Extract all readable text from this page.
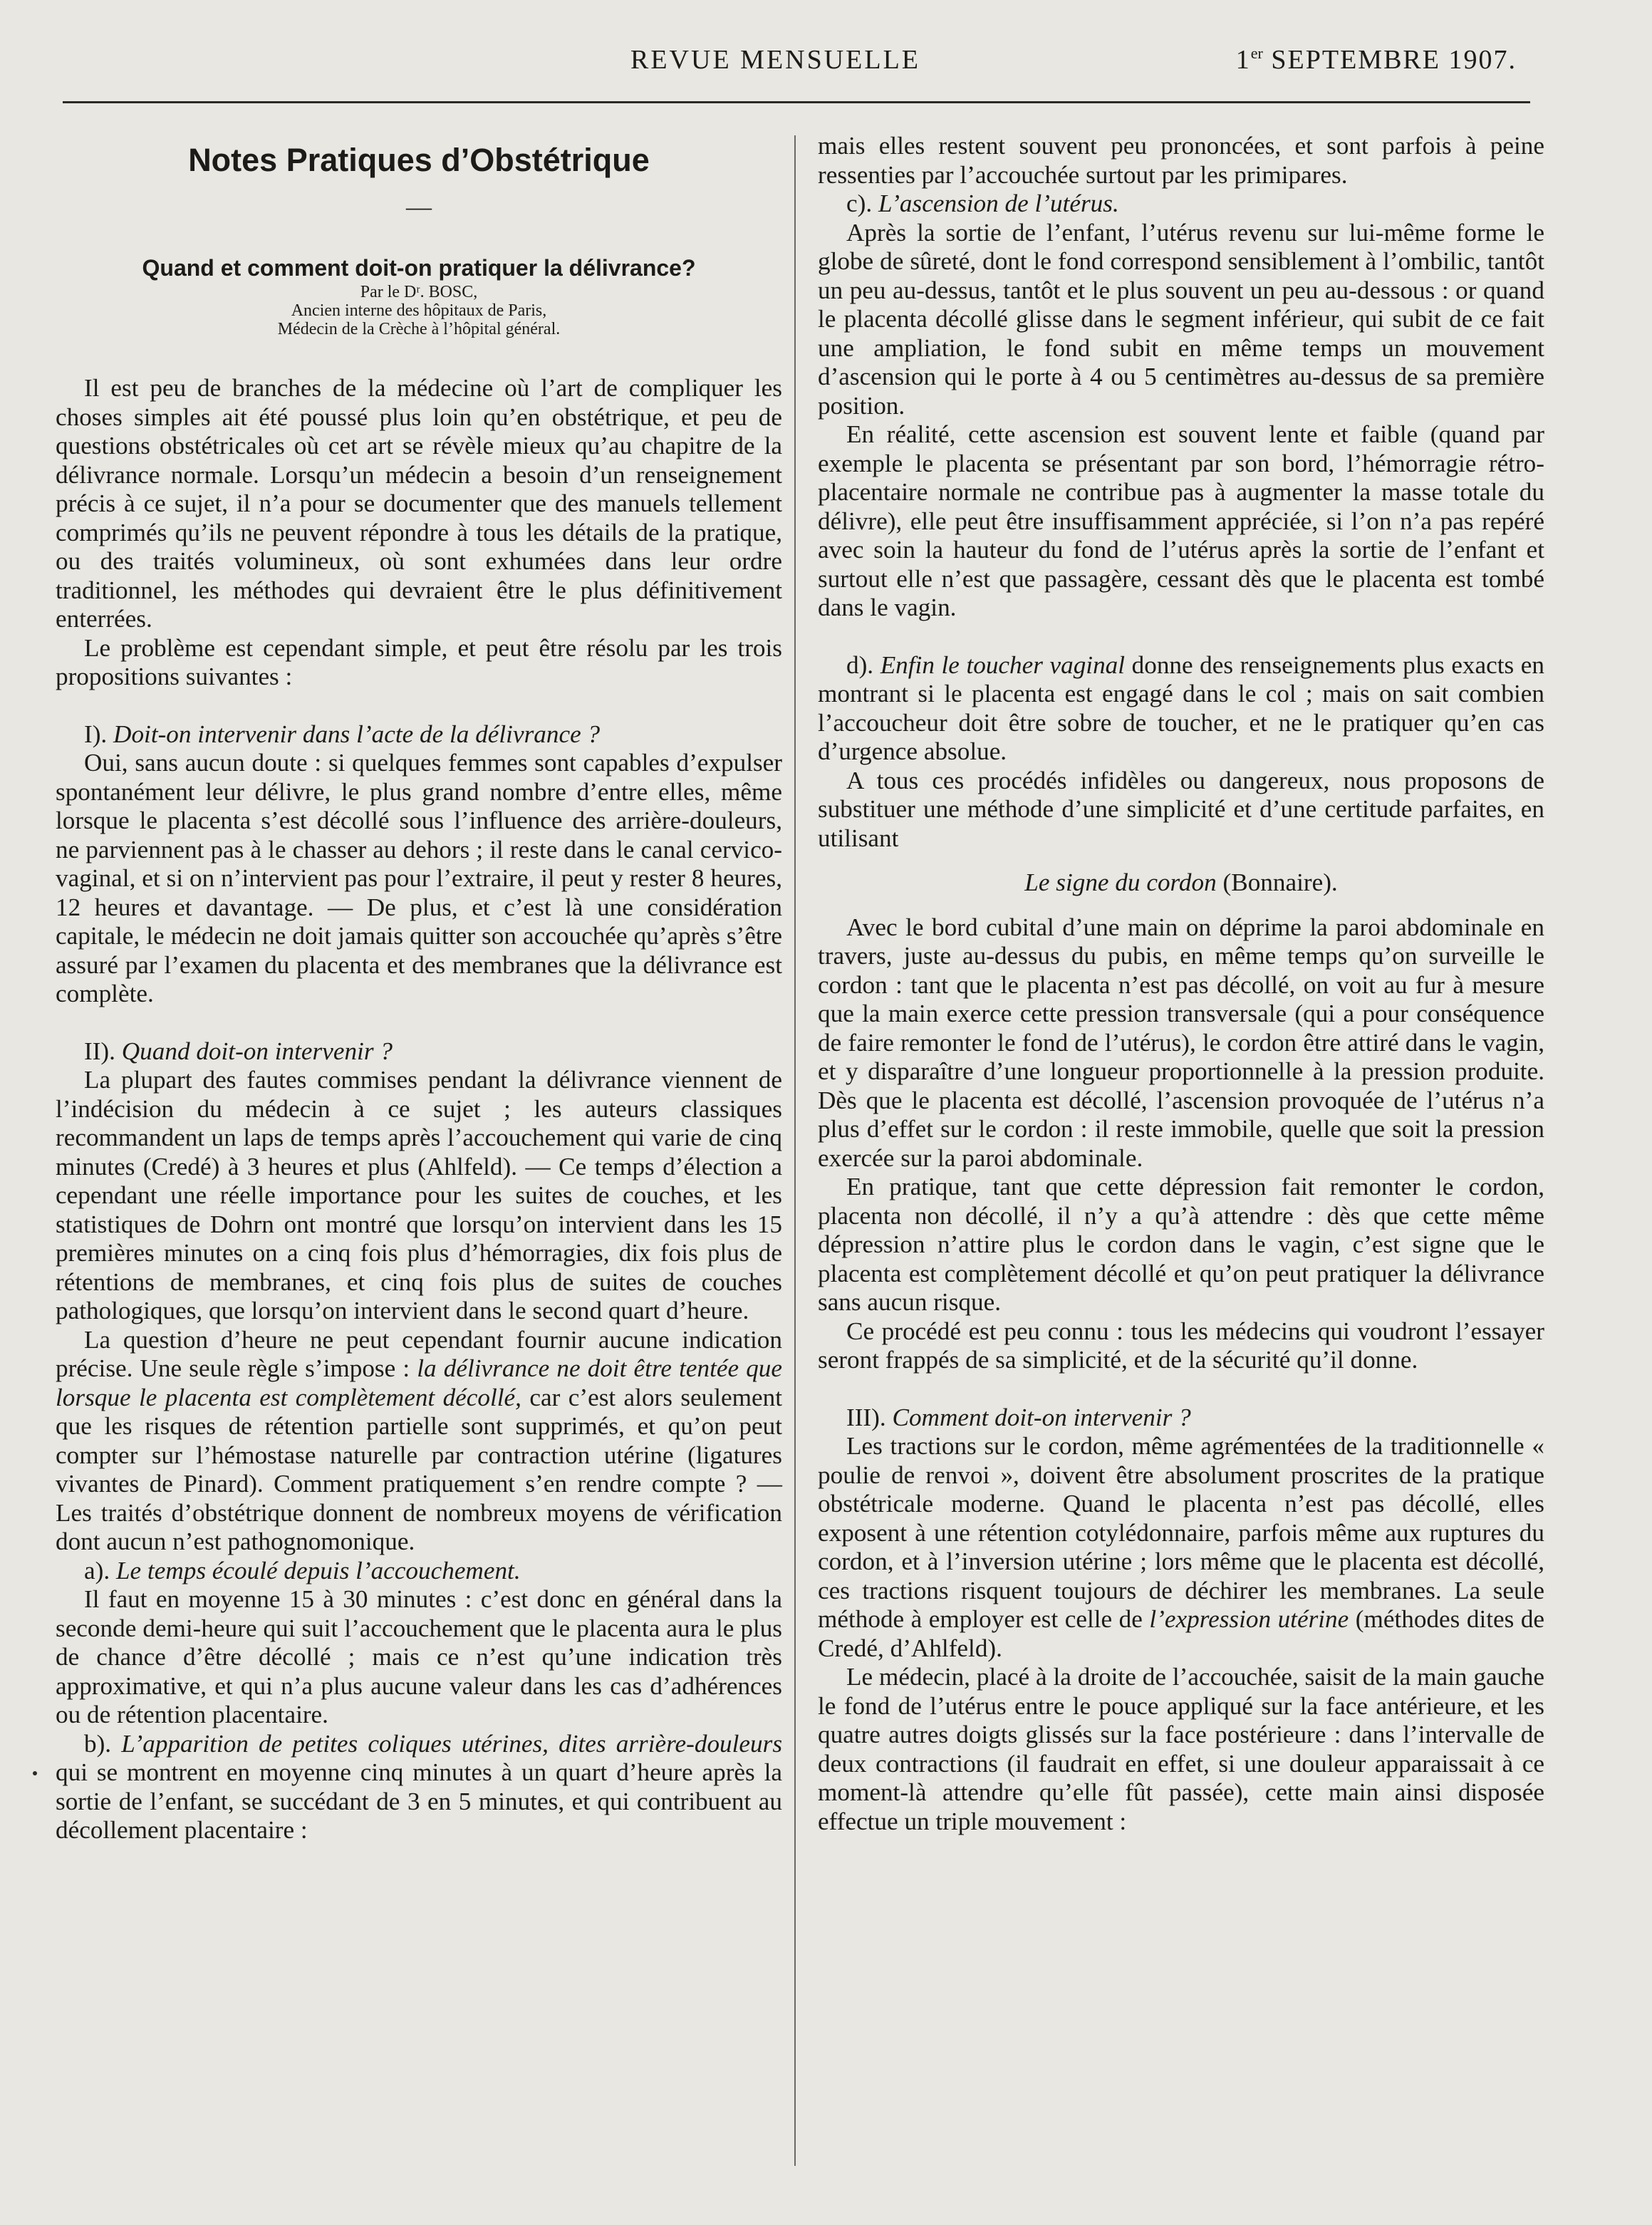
REVUE MENSUELLE	1er SEPTEMBRE 1907.
Notes Pratiques d’Obstétrique
—
Quand et comment doit-on pratiquer la délivrance?
Par le Dʳ. BOSC,
Ancien interne des hôpitaux de Paris,
Médecin de la Crèche à l’hôpital général.

Il est peu de branches de la médecine où l’art de compliquer les choses simples ait été poussé plus loin qu’en obstétrique, et peu de questions obstétricales où cet art se révèle mieux qu’au chapitre de la délivrance normale. Lorsqu’un médecin a besoin d’un renseignement précis à ce sujet, il n’a pour se documenter que des manuels tellement comprimés qu’ils ne peuvent répondre à tous les détails de la pratique, ou des traités volumineux, où sont exhumées dans leur ordre traditionnel, les méthodes qui devraient être le plus définitivement enterrées.

Le problème est cependant simple, et peut être résolu par les trois propositions suivantes :

I). Doit-on intervenir dans l’acte de la délivrance ?

Oui, sans aucun doute : si quelques femmes sont capables d’expulser spontanément leur délivre, le plus grand nombre d’entre elles, même lorsque le placenta s’est décollé sous l’influence des arrière-douleurs, ne parviennent pas à le chasser au dehors ; il reste dans le canal cervico-vaginal, et si on n’intervient pas pour l’extraire, il peut y rester 8 heures, 12 heures et davantage. — De plus, et c’est là une considération capitale, le médecin ne doit jamais quitter son accouchée qu’après s’être assuré par l’examen du placenta et des membranes que la délivrance est complète.

II). Quand doit-on intervenir ?

La plupart des fautes commises pendant la délivrance viennent de l’indécision du médecin à ce sujet ; les auteurs classiques recommandent un laps de temps après l’accouchement qui varie de cinq minutes (Credé) à 3 heures et plus (Ahlfeld). — Ce temps d’élection a cependant une réelle importance pour les suites de couches, et les statistiques de Dohrn ont montré que lorsqu’on intervient dans les 15 premières minutes on a cinq fois plus d’hémorragies, dix fois plus de rétentions de membranes, et cinq fois plus de suites de couches pathologiques, que lorsqu’on intervient dans le second quart d’heure.

La question d’heure ne peut cependant fournir aucune indication précise. Une seule règle s’impose : la délivrance ne doit être tentée que lorsque le placenta est complètement décollé, car c’est alors seulement que les risques de rétention partielle sont supprimés, et qu’on peut compter sur l’hémostase naturelle par contraction utérine (ligatures vivantes de Pinard). Comment pratiquement s’en rendre compte ? — Les traités d’obstétrique donnent de nombreux moyens de vérification dont aucun n’est pathognomonique.

a). Le temps écoulé depuis l’accouchement.

Il faut en moyenne 15 à 30 minutes : c’est donc en général dans la seconde demi-heure qui suit l’accouchement que le placenta aura le plus de chance d’être décollé ; mais ce n’est qu’une indication très approximative, et qui n’a plus aucune valeur dans les cas d’adhérences ou de rétention placentaire.

b). L’apparition de petites coliques utérines, dites arrière-douleurs qui se montrent en moyenne cinq minutes à un quart d’heure après la sortie de l’enfant, se succédant de 3 en 5 minutes, et qui contribuent au décollement placentaire :

mais elles restent souvent peu prononcées, et sont parfois à peine ressenties par l’accouchée surtout par les primipares.

c). L’ascension de l’utérus.

Après la sortie de l’enfant, l’utérus revenu sur lui-même forme le globe de sûreté, dont le fond correspond sensiblement à l’ombilic, tantôt un peu au-dessus, tantôt et le plus souvent un peu au-dessous : or quand le placenta décollé glisse dans le segment inférieur, qui subit de ce fait une ampliation, le fond subit en même temps un mouvement d’ascension qui le porte à 4 ou 5 centimètres au-dessus de sa première position.

En réalité, cette ascension est souvent lente et faible (quand par exemple le placenta se présentant par son bord, l’hémorragie rétro-placentaire normale ne contribue pas à augmenter la masse totale du délivre), elle peut être insuffisamment appréciée, si l’on n’a pas repéré avec soin la hauteur du fond de l’utérus après la sortie de l’enfant et surtout elle n’est que passagère, cessant dès que le placenta est tombé dans le vagin.

d). Enfin le toucher vaginal donne des renseignements plus exacts en montrant si le placenta est engagé dans le col ; mais on sait combien l’accoucheur doit être sobre de toucher, et ne le pratiquer qu’en cas d’urgence absolue.

A tous ces procédés infidèles ou dangereux, nous proposons de substituer une méthode d’une simplicité et d’une certitude parfaites, en utilisant

Le signe du cordon (Bonnaire).

Avec le bord cubital d’une main on déprime la paroi abdominale en travers, juste au-dessus du pubis, en même temps qu’on surveille le cordon : tant que le placenta n’est pas décollé, on voit au fur à mesure que la main exerce cette pression transversale (qui a pour conséquence de faire remonter le fond de l’utérus), le cordon être attiré dans le vagin, et y disparaître d’une longueur proportionnelle à la pression produite. Dès que le placenta est décollé, l’ascension provoquée de l’utérus n’a plus d’effet sur le cordon : il reste immobile, quelle que soit la pression exercée sur la paroi abdominale.

En pratique, tant que cette dépression fait remonter le cordon, placenta non décollé, il n’y a qu’à attendre : dès que cette même dépression n’attire plus le cordon dans le vagin, c’est signe que le placenta est complètement décollé et qu’on peut pratiquer la délivrance sans aucun risque.

Ce procédé est peu connu : tous les médecins qui voudront l’essayer seront frappés de sa simplicité, et de la sécurité qu’il donne.

III). Comment doit-on intervenir ?

Les tractions sur le cordon, même agrémentées de la traditionnelle « poulie de renvoi », doivent être absolument proscrites de la pratique obstétricale moderne. Quand le placenta n’est pas décollé, elles exposent à une rétention cotylédonnaire, parfois même aux ruptures du cordon, et à l’inversion utérine ; lors même que le placenta est décollé, ces tractions risquent toujours de déchirer les membranes. La seule méthode à employer est celle de l’expression utérine (méthodes dites de Credé, d’Ahlfeld).

Le médecin, placé à la droite de l’accouchée, saisit de la main gauche le fond de l’utérus entre le pouce appliqué sur la face antérieure, et les quatre autres doigts glissés sur la face postérieure : dans l’intervalle de deux contractions (il faudrait en effet, si une douleur apparaissait à ce moment-là attendre qu’elle fût passée), cette main ainsi disposée effectue un triple mouvement :
